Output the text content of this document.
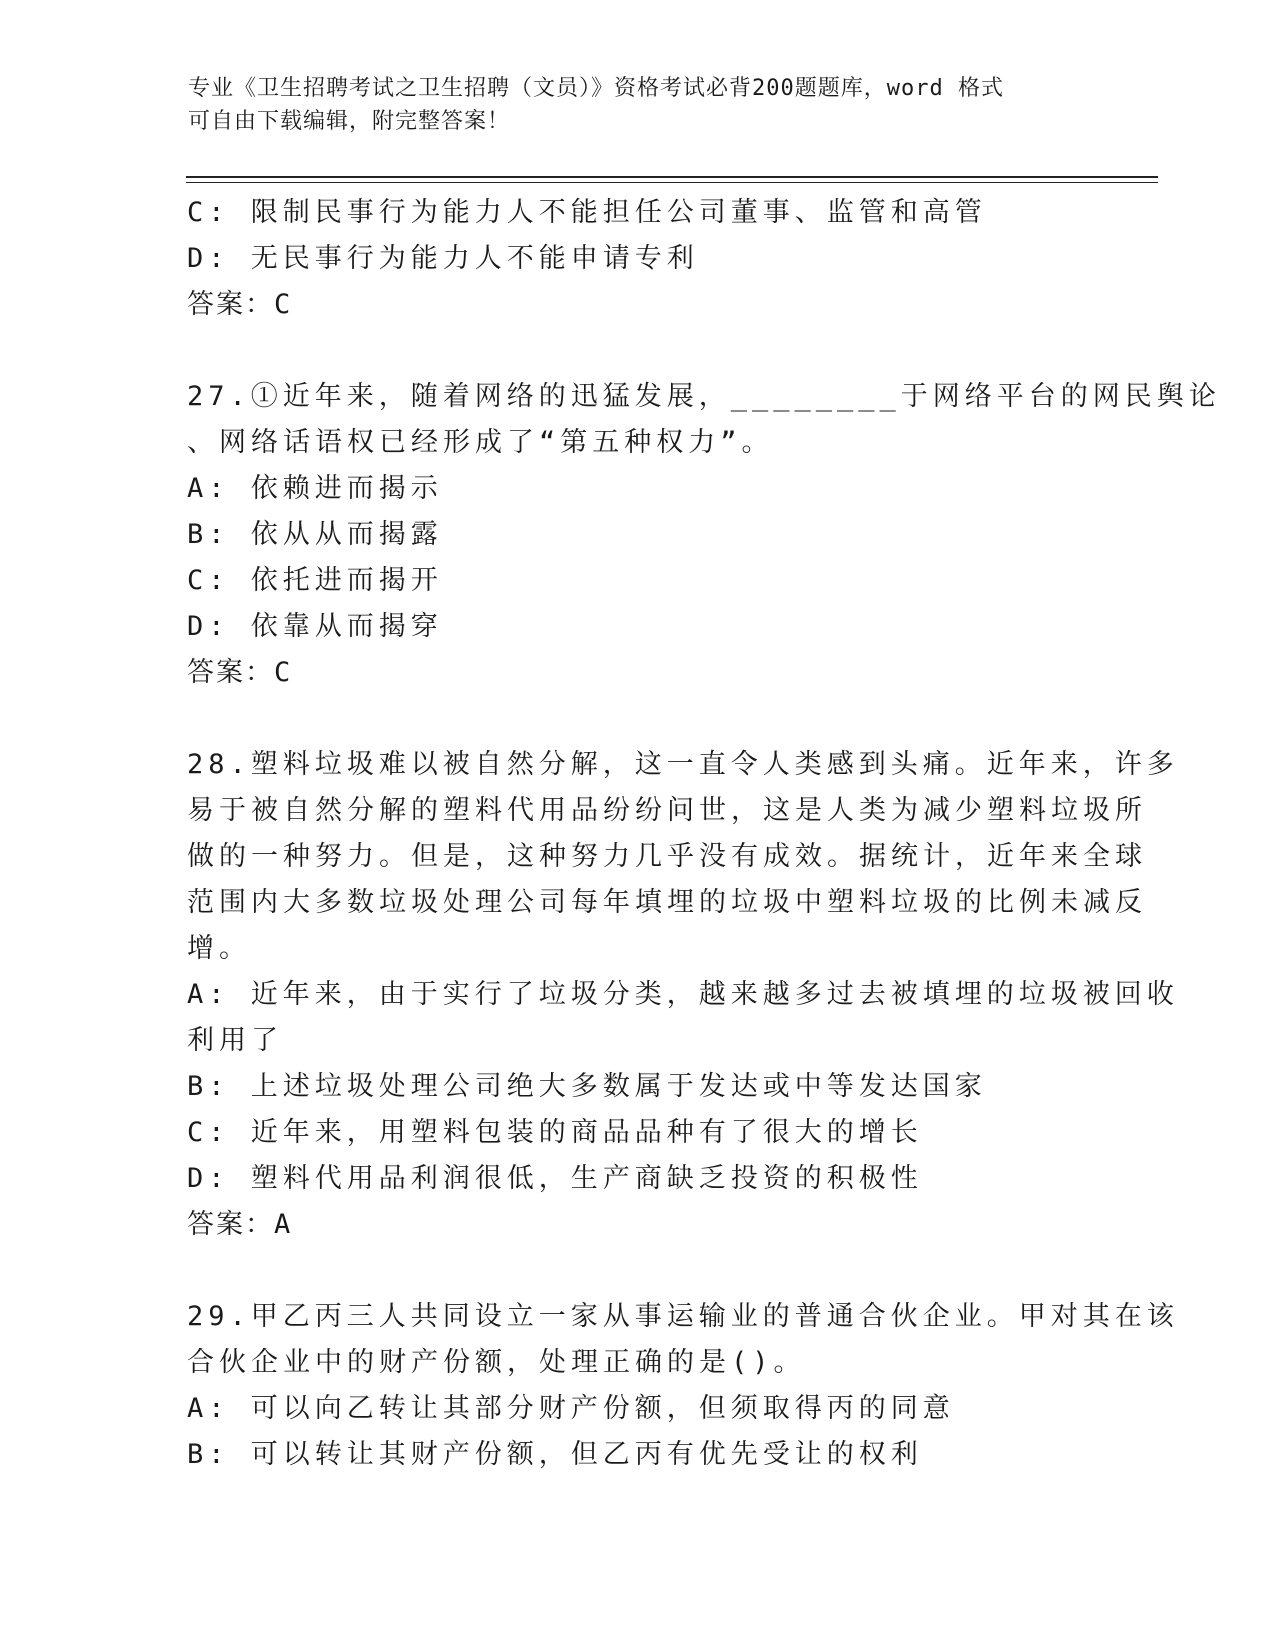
专业《卫生招聘考试之卫生招聘（文员）》资格考试必背200题题库，word 格式
可自由下载编辑，附完整答案！
C: 限制民事行为能力人不能担任公司董事、监管和高管
D: 无民事行为能力人不能申请专利
答案：C
27.①近年来，随着网络的迅猛发展，________于网络平台的网民舆论
、网络话语权已经形成了“第五种权力”。
A: 依赖进而揭示
B: 依从从而揭露
C: 依托进而揭开
D: 依靠从而揭穿
答案：C
28.塑料垃圾难以被自然分解，这一直令人类感到头痛。近年来，许多
易于被自然分解的塑料代用品纷纷问世，这是人类为减少塑料垃圾所
做的一种努力。但是，这种努力几乎没有成效。据统计，近年来全球
范围内大多数垃圾处理公司每年填埋的垃圾中塑料垃圾的比例未减反
增。
A: 近年来，由于实行了垃圾分类，越来越多过去被填埋的垃圾被回收
利用了
B: 上述垃圾处理公司绝大多数属于发达或中等发达国家
C: 近年来，用塑料包装的商品品种有了很大的增长
D: 塑料代用品利润很低，生产商缺乏投资的积极性
答案：A
29.甲乙丙三人共同设立一家从事运输业的普通合伙企业。甲对其在该
合伙企业中的财产份额，处理正确的是()。
A: 可以向乙转让其部分财产份额，但须取得丙的同意
B: 可以转让其财产份额，但乙丙有优先受让的权利
